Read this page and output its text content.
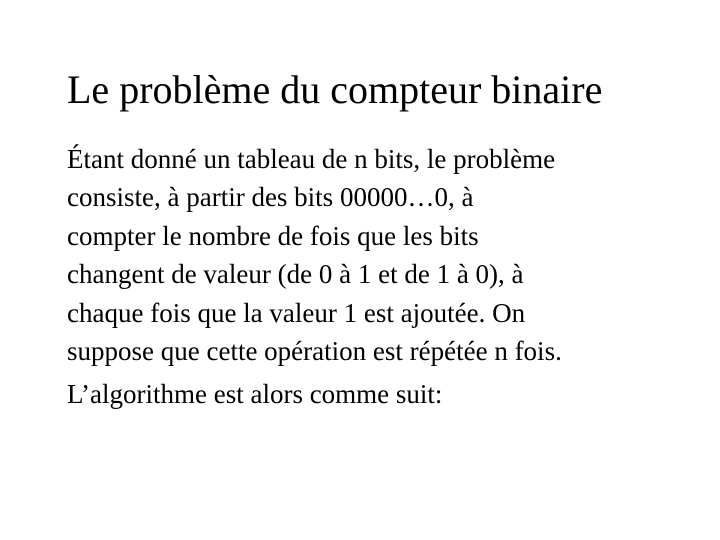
Le problème du compteur binaire
Étant donné un tableau de n bits, le problème
consiste, à partir des bits 00000…0, à
compter le nombre de fois que les bits
changent de valeur (de 0 à 1 et de 1 à 0), à
chaque fois que la valeur 1 est ajoutée. On
suppose que cette opération est répétée n fois.
L’algorithme est alors comme suit:
